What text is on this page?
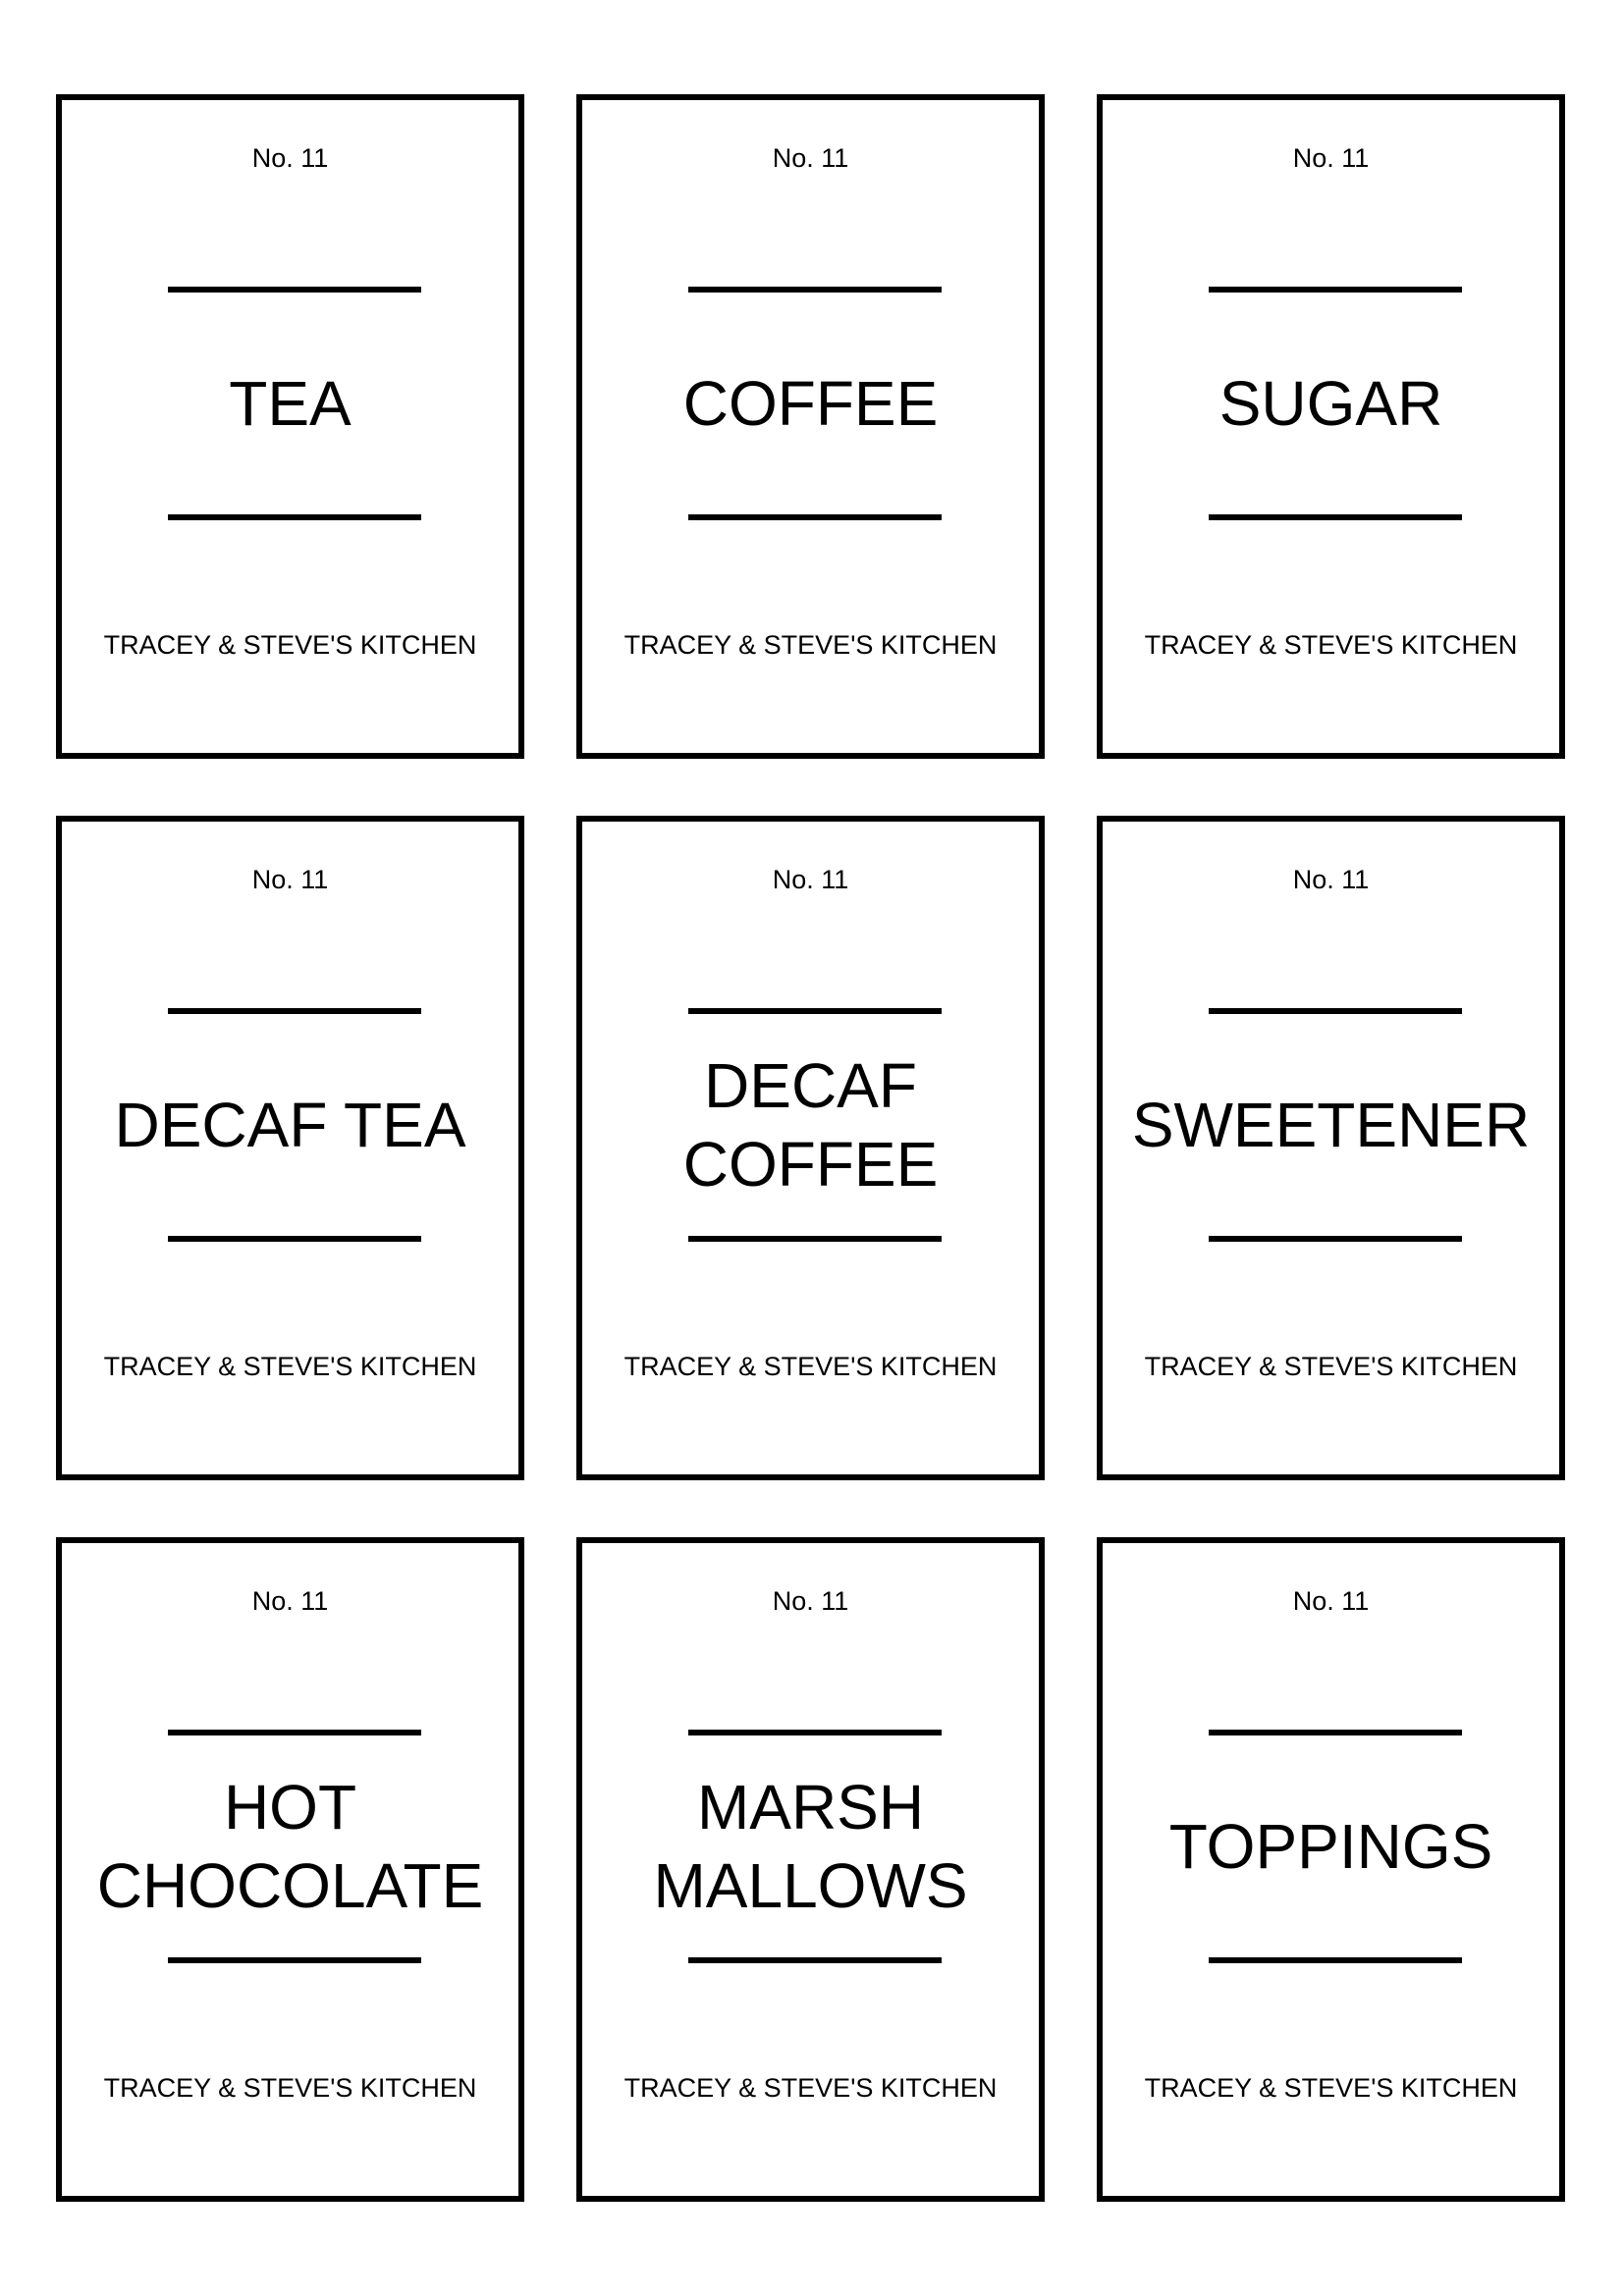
No. 11
TEA
TRACEY & STEVE'S KITCHEN
No. 11
COFFEE
TRACEY & STEVE'S KITCHEN
No. 11
SUGAR
TRACEY & STEVE'S KITCHEN
No. 11
DECAF TEA
TRACEY & STEVE'S KITCHEN
No. 11
DECAF
COFFEE
TRACEY & STEVE'S KITCHEN
No. 11
SWEETENER
TRACEY & STEVE'S KITCHEN
No. 11
HOT
CHOCOLATE
TRACEY & STEVE'S KITCHEN
No. 11
MARSH
MALLOWS
TRACEY & STEVE'S KITCHEN
No. 11
TOPPINGS
TRACEY & STEVE'S KITCHEN
